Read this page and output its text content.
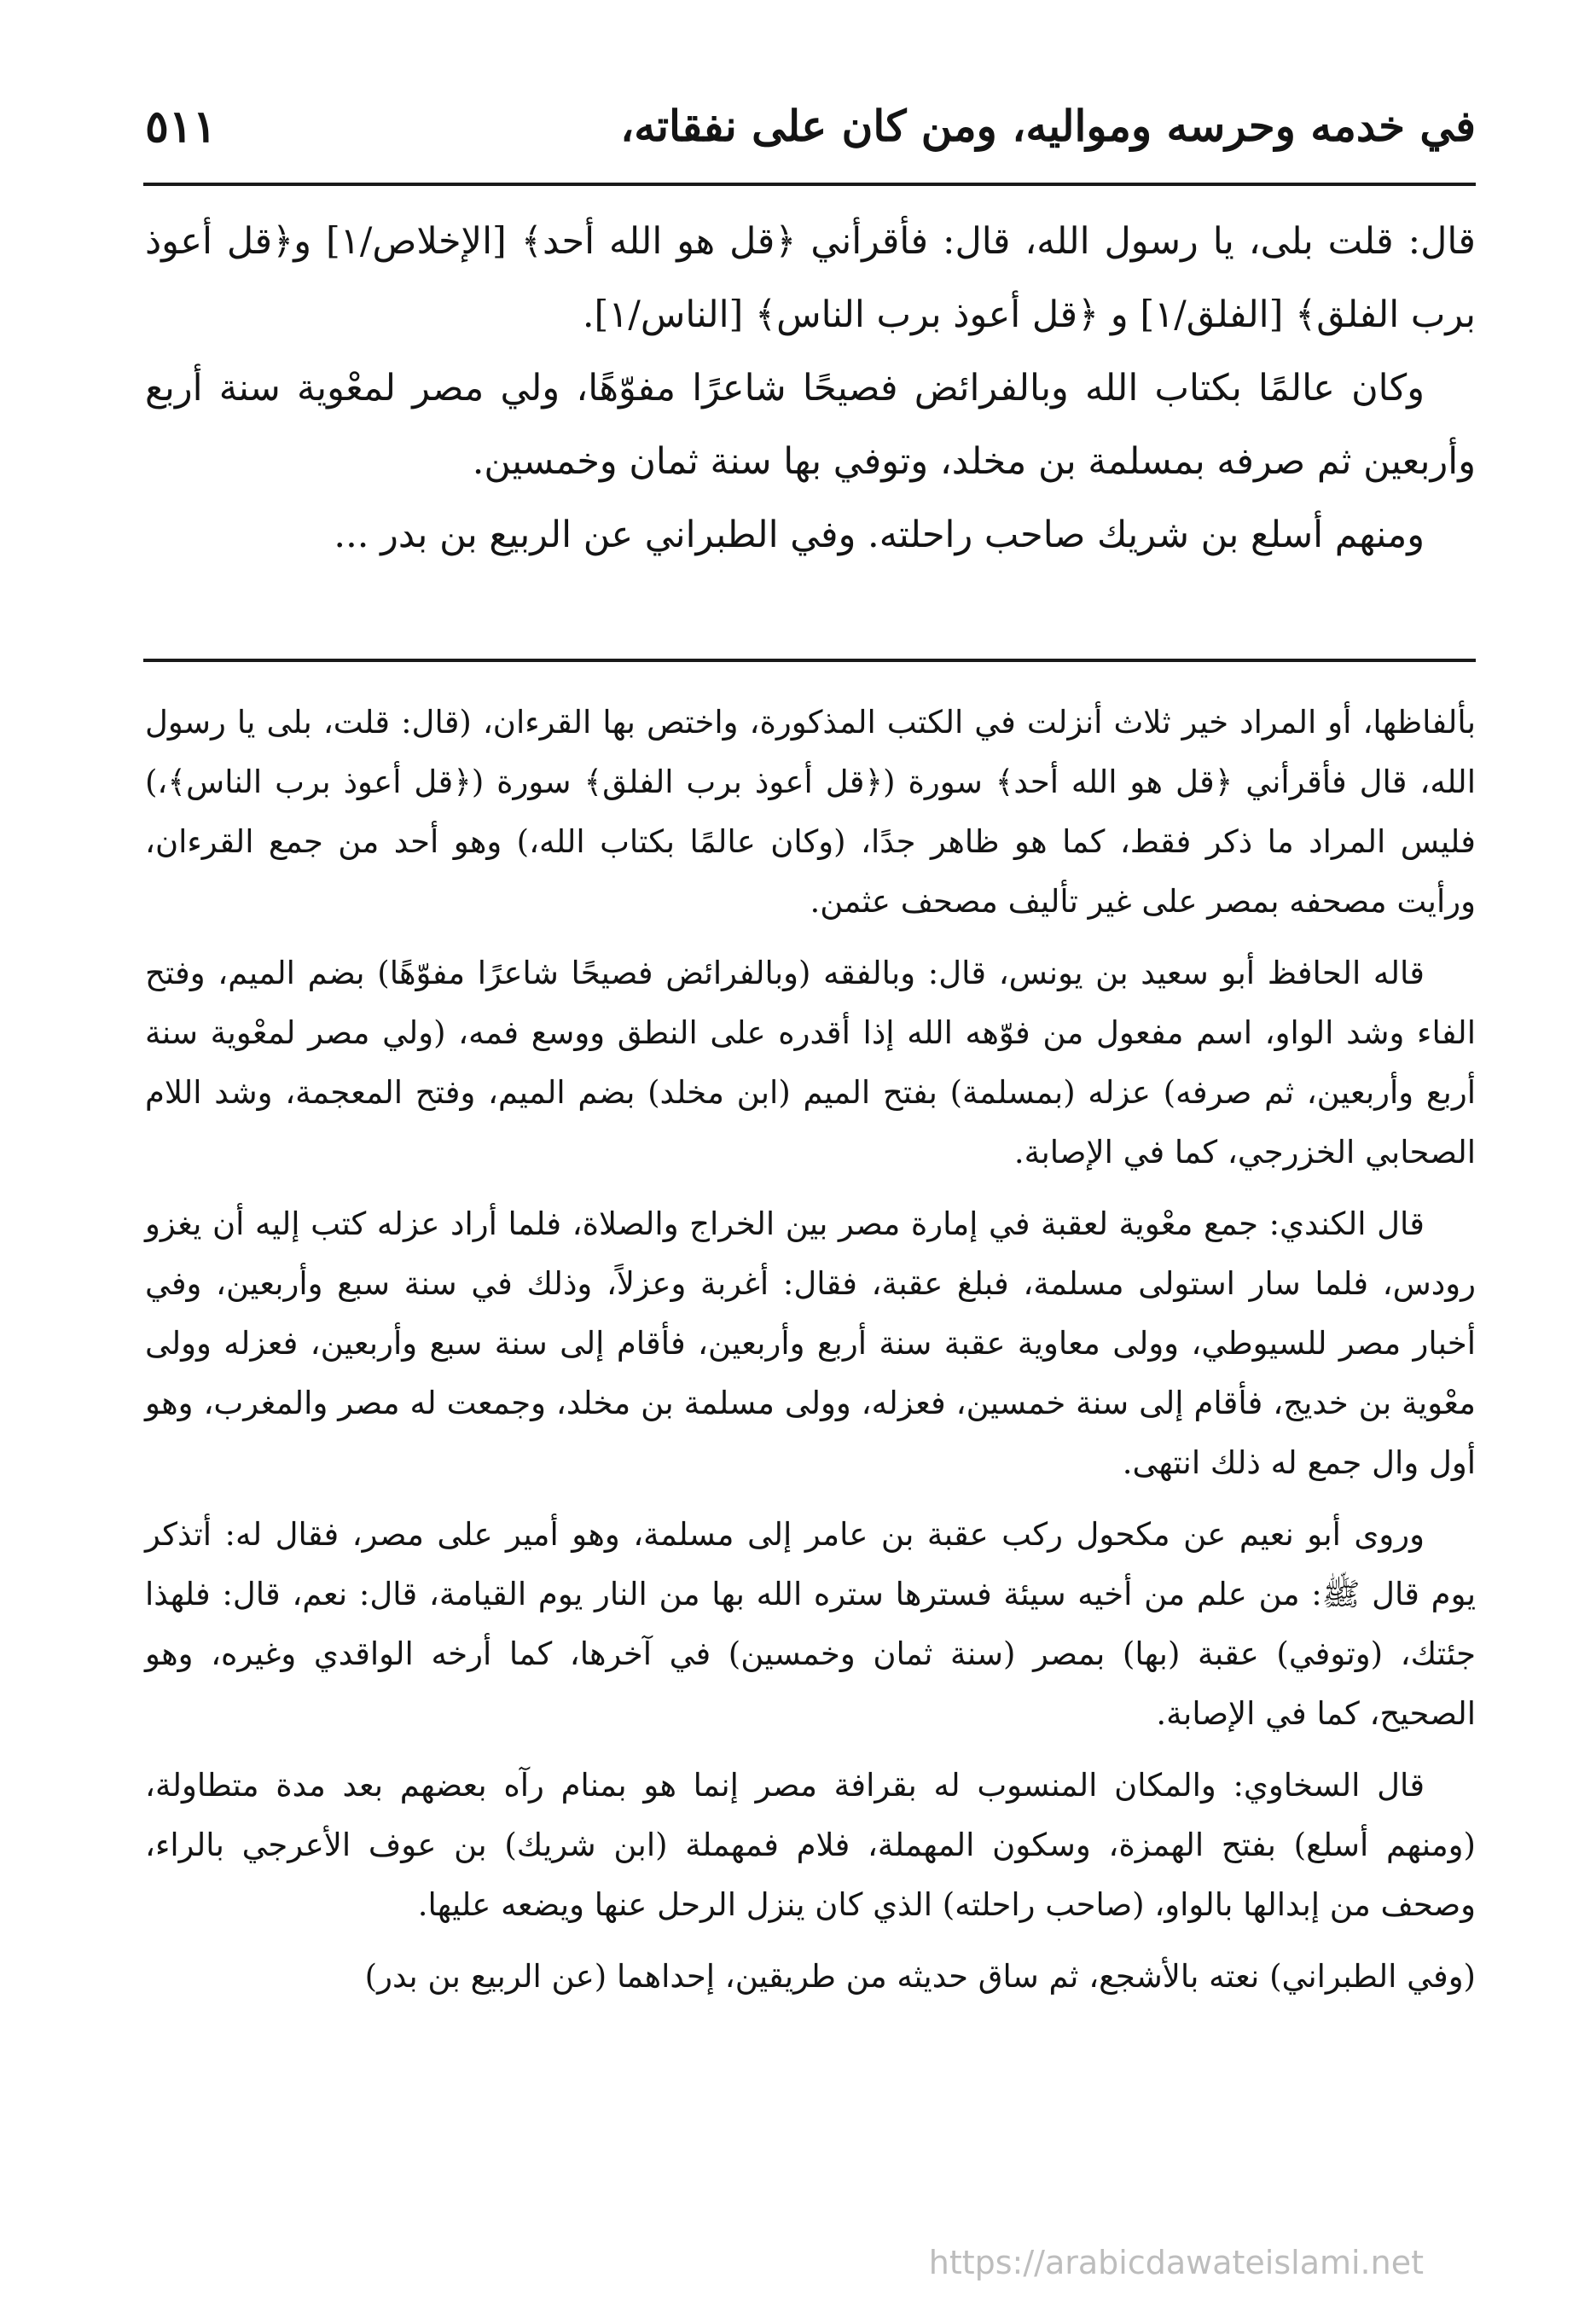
في خدمه وحرسه ومواليه، ومن كان على نفقاته،
٥١١

قال: قلت بلى، يا رسول الله، قال: فأقرأني ﴿قل هو الله أحد﴾ [الإخلاص/١] و﴿قل أعوذ برب الفلق﴾ [الفلق/١] و ﴿قل أعوذ برب الناس﴾ [الناس/١].

وكان عالمًا بكتاب الله وبالفرائض فصيحًا شاعرًا مفوّهًا، ولي مصر لمعْوية سنة أربع وأربعين ثم صرفه بمسلمة بن مخلد، وتوفي بها سنة ثمان وخمسين.

ومنهم أسلع بن شريك صاحب راحلته. وفي الطبراني عن الربيع بن بدر ...

بألفاظها، أو المراد خير ثلاث أنزلت في الكتب المذكورة، واختص بها القرءان، (قال: قلت، بلى يا رسول الله، قال فأقرأني ﴿قل هو الله أحد﴾ سورة (﴿قل أعوذ برب الفلق﴾ سورة (﴿قل أعوذ برب الناس﴾،) فليس المراد ما ذكر فقط، كما هو ظاهر جدًا، (وكان عالمًا بكتاب الله،) وهو أحد من جمع القرءان، ورأيت مصحفه بمصر على غير تأليف مصحف عثمن.

قاله الحافظ أبو سعيد بن يونس، قال: وبالفقه (وبالفرائض فصيحًا شاعرًا مفوّهًا) بضم الميم، وفتح الفاء وشد الواو، اسم مفعول من فوّهه الله إذا أقدره على النطق ووسع فمه، (ولي مصر لمعْوية سنة أربع وأربعين، ثم صرفه) عزله (بمسلمة) بفتح الميم (ابن مخلد) بضم الميم، وفتح المعجمة، وشد اللام الصحابي الخزرجي، كما في الإصابة.

قال الكندي: جمع معْوية لعقبة في إمارة مصر بين الخراج والصلاة، فلما أراد عزله كتب إليه أن يغزو رودس، فلما سار استولى مسلمة، فبلغ عقبة، فقال: أغربة وعزلاً، وذلك في سنة سبع وأربعين، وفي أخبار مصر للسيوطي، وولى معاوية عقبة سنة أربع وأربعين، فأقام إلى سنة سبع وأربعين، فعزله وولى معْوية بن خديج، فأقام إلى سنة خمسين، فعزله، وولى مسلمة بن مخلد، وجمعت له مصر والمغرب، وهو أول وال جمع له ذلك انتهى.

وروى أبو نعيم عن مكحول ركب عقبة بن عامر إلى مسلمة، وهو أمير على مصر، فقال له: أتذكر يوم قال ﷺ: من علم من أخيه سيئة فسترها ستره الله بها من النار يوم القيامة، قال: نعم، قال: فلهذا جئتك، (وتوفي) عقبة (بها) بمصر (سنة ثمان وخمسين) في آخرها، كما أرخه الواقدي وغيره، وهو الصحيح، كما في الإصابة.

قال السخاوي: والمكان المنسوب له بقرافة مصر إنما هو بمنام رآه بعضهم بعد مدة متطاولة، (ومنهم أسلع) بفتح الهمزة، وسكون المهملة، فلام فمهملة (ابن شريك) بن عوف الأعرجي بالراء، وصحف من إبدالها بالواو، (صاحب راحلته) الذي كان ينزل الرحل عنها ويضعه عليها.

(وفي الطبراني) نعته بالأشجع، ثم ساق حديثه من طريقين، إحداهما (عن الربيع بن بدر)

https://arabicdawateislami.net
